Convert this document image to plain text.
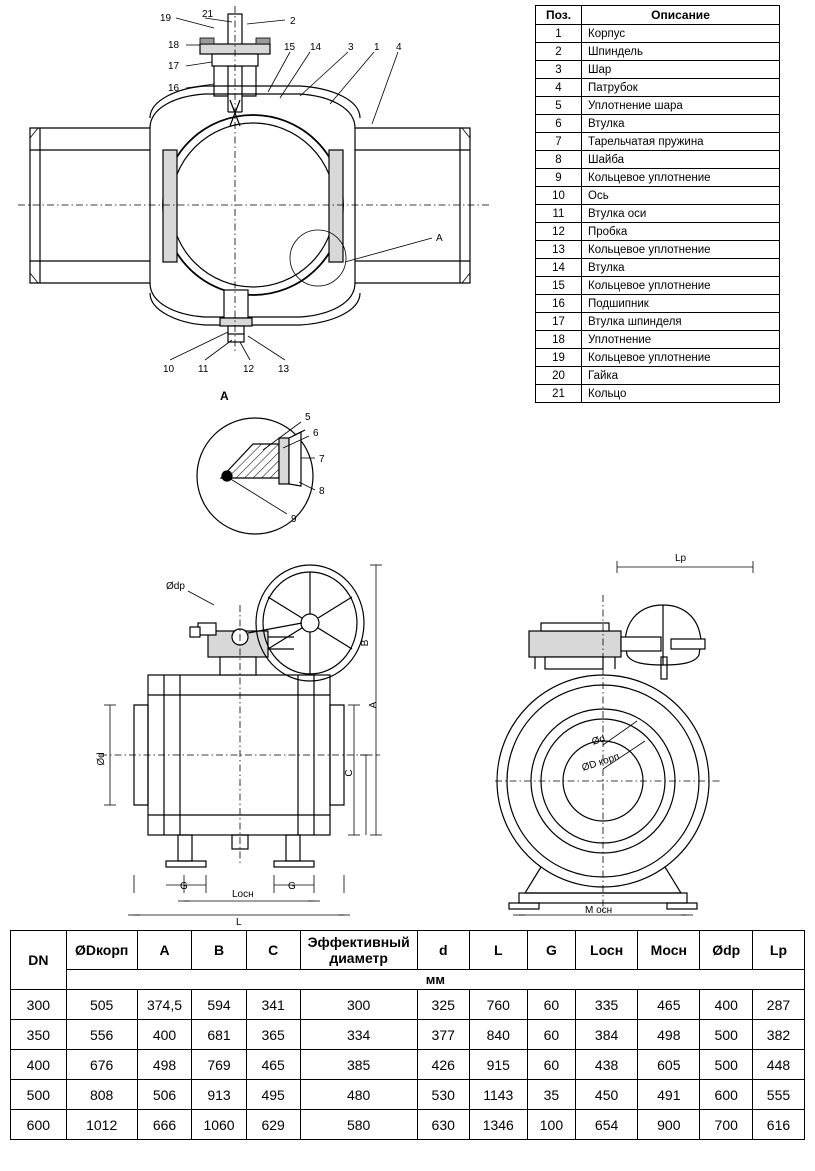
Поз.	Описание
1	Корпус
2	Шпиндель
3	Шар
4	Патрубок
5	Уплотнение шара
6	Втулка
7	Тарельчатая пружина
8	Шайба
9	Кольцевое уплотнение
10	Ось
11	Втулка оси
12	Пробка
13	Кольцевое уплотнение
14	Втулка
15	Кольцевое уплотнение
16	Подшипник
17	Втулка шпинделя
18	Уплотнение
19	Кольцевое уплотнение
20	Гайка
21	Кольцо
19	21
2
18
17
16
15 14	3 1 4
A
10 11	12 13
A
5
6
7
8
9
A
C
B
Ød
G	G
Lосн
L
Ødp
Lp
Ød
ØD корп
M осн
DN	ØDкорп	A	B	C	Эффективный диаметр	d	L	G	Lосн	Mосн	Ødp	Lp
	мм											
300	505	374,5	594	341	300	325	760	60	335	465	400	287
350	556	400	681	365	334	377	840	60	384	498	500	382
400	676	498	769	465	385	426	915	60	438	605	500	448
500	808	506	913	495	480	530	1143	35	450	491	600	555
600	1012	666	1060	629	580	630	1346	100	654	900	700	616
